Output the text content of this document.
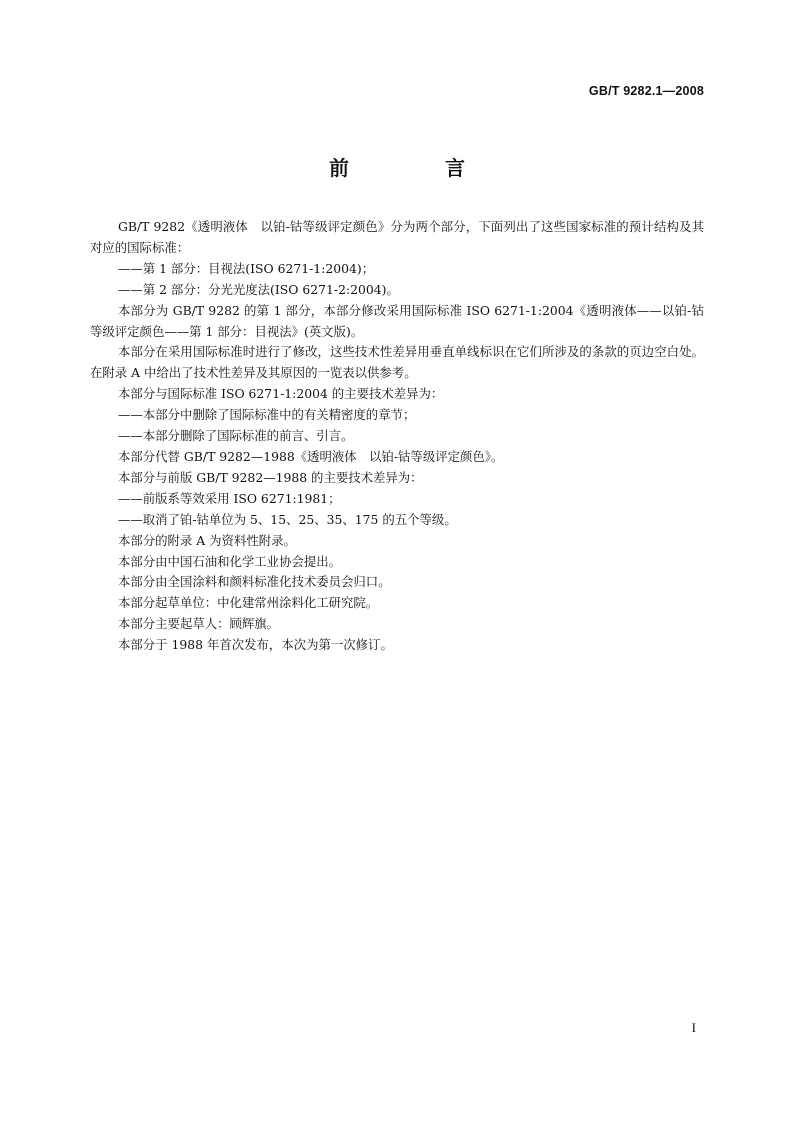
GB/T 9282.1—2008
前　言

GB/T 9282《透明液体　以铂-钴等级评定颜色》分为两个部分，下面列出了这些国家标准的预计结构及其对应的国际标准：

——第 1 部分：目视法(ISO 6271-1:2004)；

——第 2 部分：分光光度法(ISO 6271-2:2004)。

本部分为 GB/T 9282 的第 1 部分，本部分修改采用国际标准 ISO 6271-1:2004《透明液体——以铂-钴等级评定颜色——第 1 部分：目视法》(英文版)。

本部分在采用国际标准时进行了修改，这些技术性差异用垂直单线标识在它们所涉及的条款的页边空白处。在附录 A 中给出了技术性差异及其原因的一览表以供参考。

本部分与国际标准 ISO 6271-1:2004 的主要技术差异为：

——本部分中删除了国际标准中的有关精密度的章节；

——本部分删除了国际标准的前言、引言。

本部分代替 GB/T 9282—1988《透明液体　以铂-钴等级评定颜色》。

本部分与前版 GB/T 9282—1988 的主要技术差异为：

——前版系等效采用 ISO 6271:1981；

——取消了铂-钴单位为 5、15、25、35、175 的五个等级。

本部分的附录 A 为资料性附录。

本部分由中国石油和化学工业协会提出。

本部分由全国涂料和颜料标准化技术委员会归口。

本部分起草单位：中化建常州涂料化工研究院。

本部分主要起草人：顾辉旗。

本部分于 1988 年首次发布，本次为第一次修订。

I
